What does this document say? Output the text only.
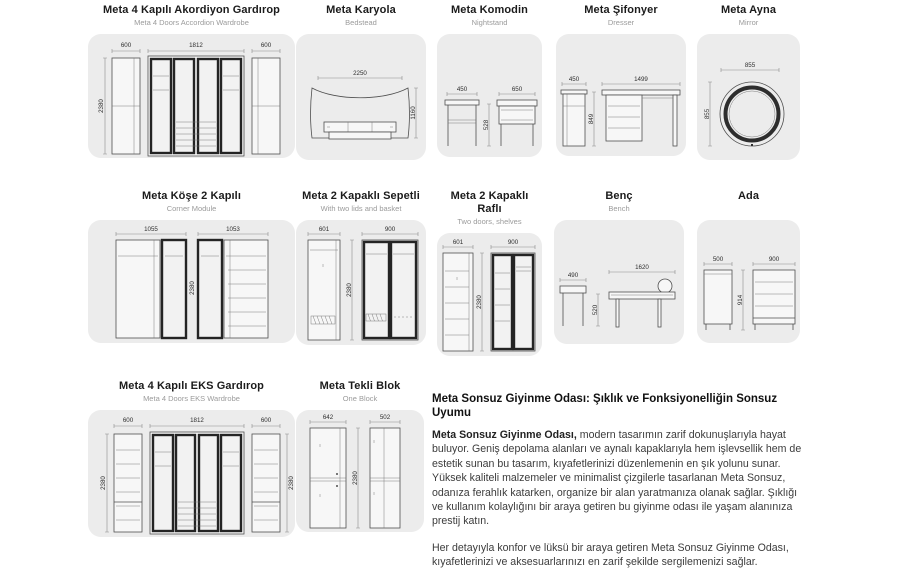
Meta 4 Kapılı Akordiyon Gardırop
Meta 4 Doors Accordion Wardrobe
600	1812	600
2380
Meta Karyola
Bedstead
2250
1160
Meta Komodin
Nightstand
450	650
528
Meta Şifonyer
Dresser
450	1499
849
Meta Ayna
Mirror
855
855
Meta Köşe 2 Kapılı
Corner Module
1055	1053
2380
Meta 2 Kapaklı Sepetli
With two lids and basket
601	900
2380
Meta 2 Kapaklı Raflı
Two doors, shelves
601	900
2380
Benç
Bench
490
1620
520
Ada
500	900
914
Meta 4 Kapılı EKS Gardırop
Meta 4 Doors EKS Wardrobe
600	1812	600
2380	2380
Meta Tekli Blok
One Block
642	502
2380
Meta Sonsuz Giyinme Odası: Şıklık ve Fonksiyonelliğin Sonsuz Uyumu

Meta Sonsuz Giyinme Odası, modern tasarımın zarif dokunuşlarıyla hayat buluyor. Geniş depolama alanları ve aynalı kapaklarıyla hem işlevsellik hem de estetik sunan bu tasarım, kıyafetlerinizi düzenlemenin en şık yolunu sunar. Yüksek kaliteli malzemeler ve minimalist çizgilerle tasarlanan Meta Sonsuz, odanıza ferahlık katarken, organize bir alan yaratmanıza olanak sağlar. Şıklığı ve kullanım kolaylığını bir araya getiren bu giyinme odası ile yaşam alanınıza prestij katın.

Her detayıyla konfor ve lüksü bir araya getiren Meta Sonsuz Giyinme Odası, kıyafetlerinizi ve aksesuarlarınızı en zarif şekilde sergilemenizi sağlar.
